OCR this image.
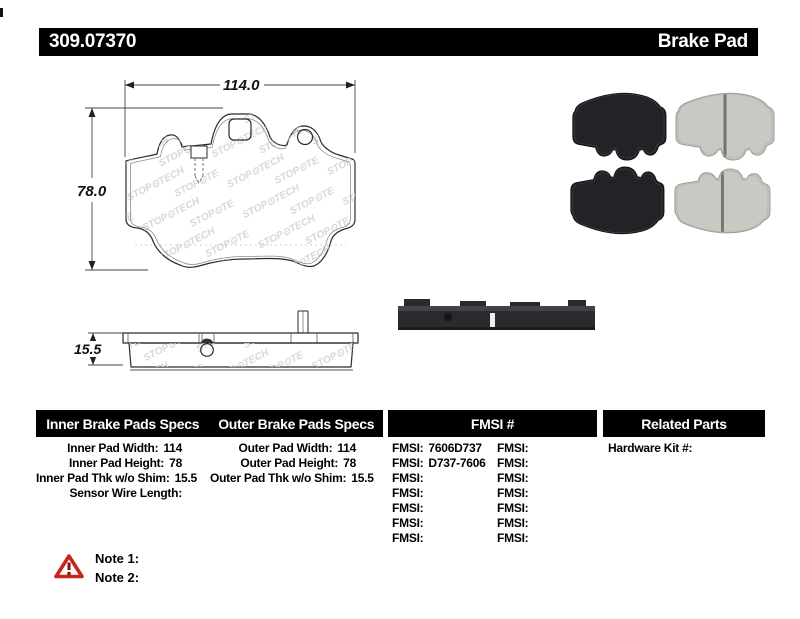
309.07370	Brake Pad
114.0
78.0
15.5
Inner Brake Pads Specs	Outer Brake Pads Specs	FMSI #	Related Parts
Inner Pad Width: 114
Inner Pad Height: 78
Inner Pad Thk w/o Shim: 15.5
Sensor Wire Length:
Outer Pad Width: 114
Outer Pad Height: 78
Outer Pad Thk w/o Shim: 15.5
FMSI: 7606D737
FMSI: D737-7606
FMSI:
FMSI:
FMSI:
FMSI:
FMSI:
FMSI:
FMSI:
FMSI:
FMSI:
FMSI:
FMSI:
FMSI:
Hardware Kit #:
Note 1:
Note 2:
